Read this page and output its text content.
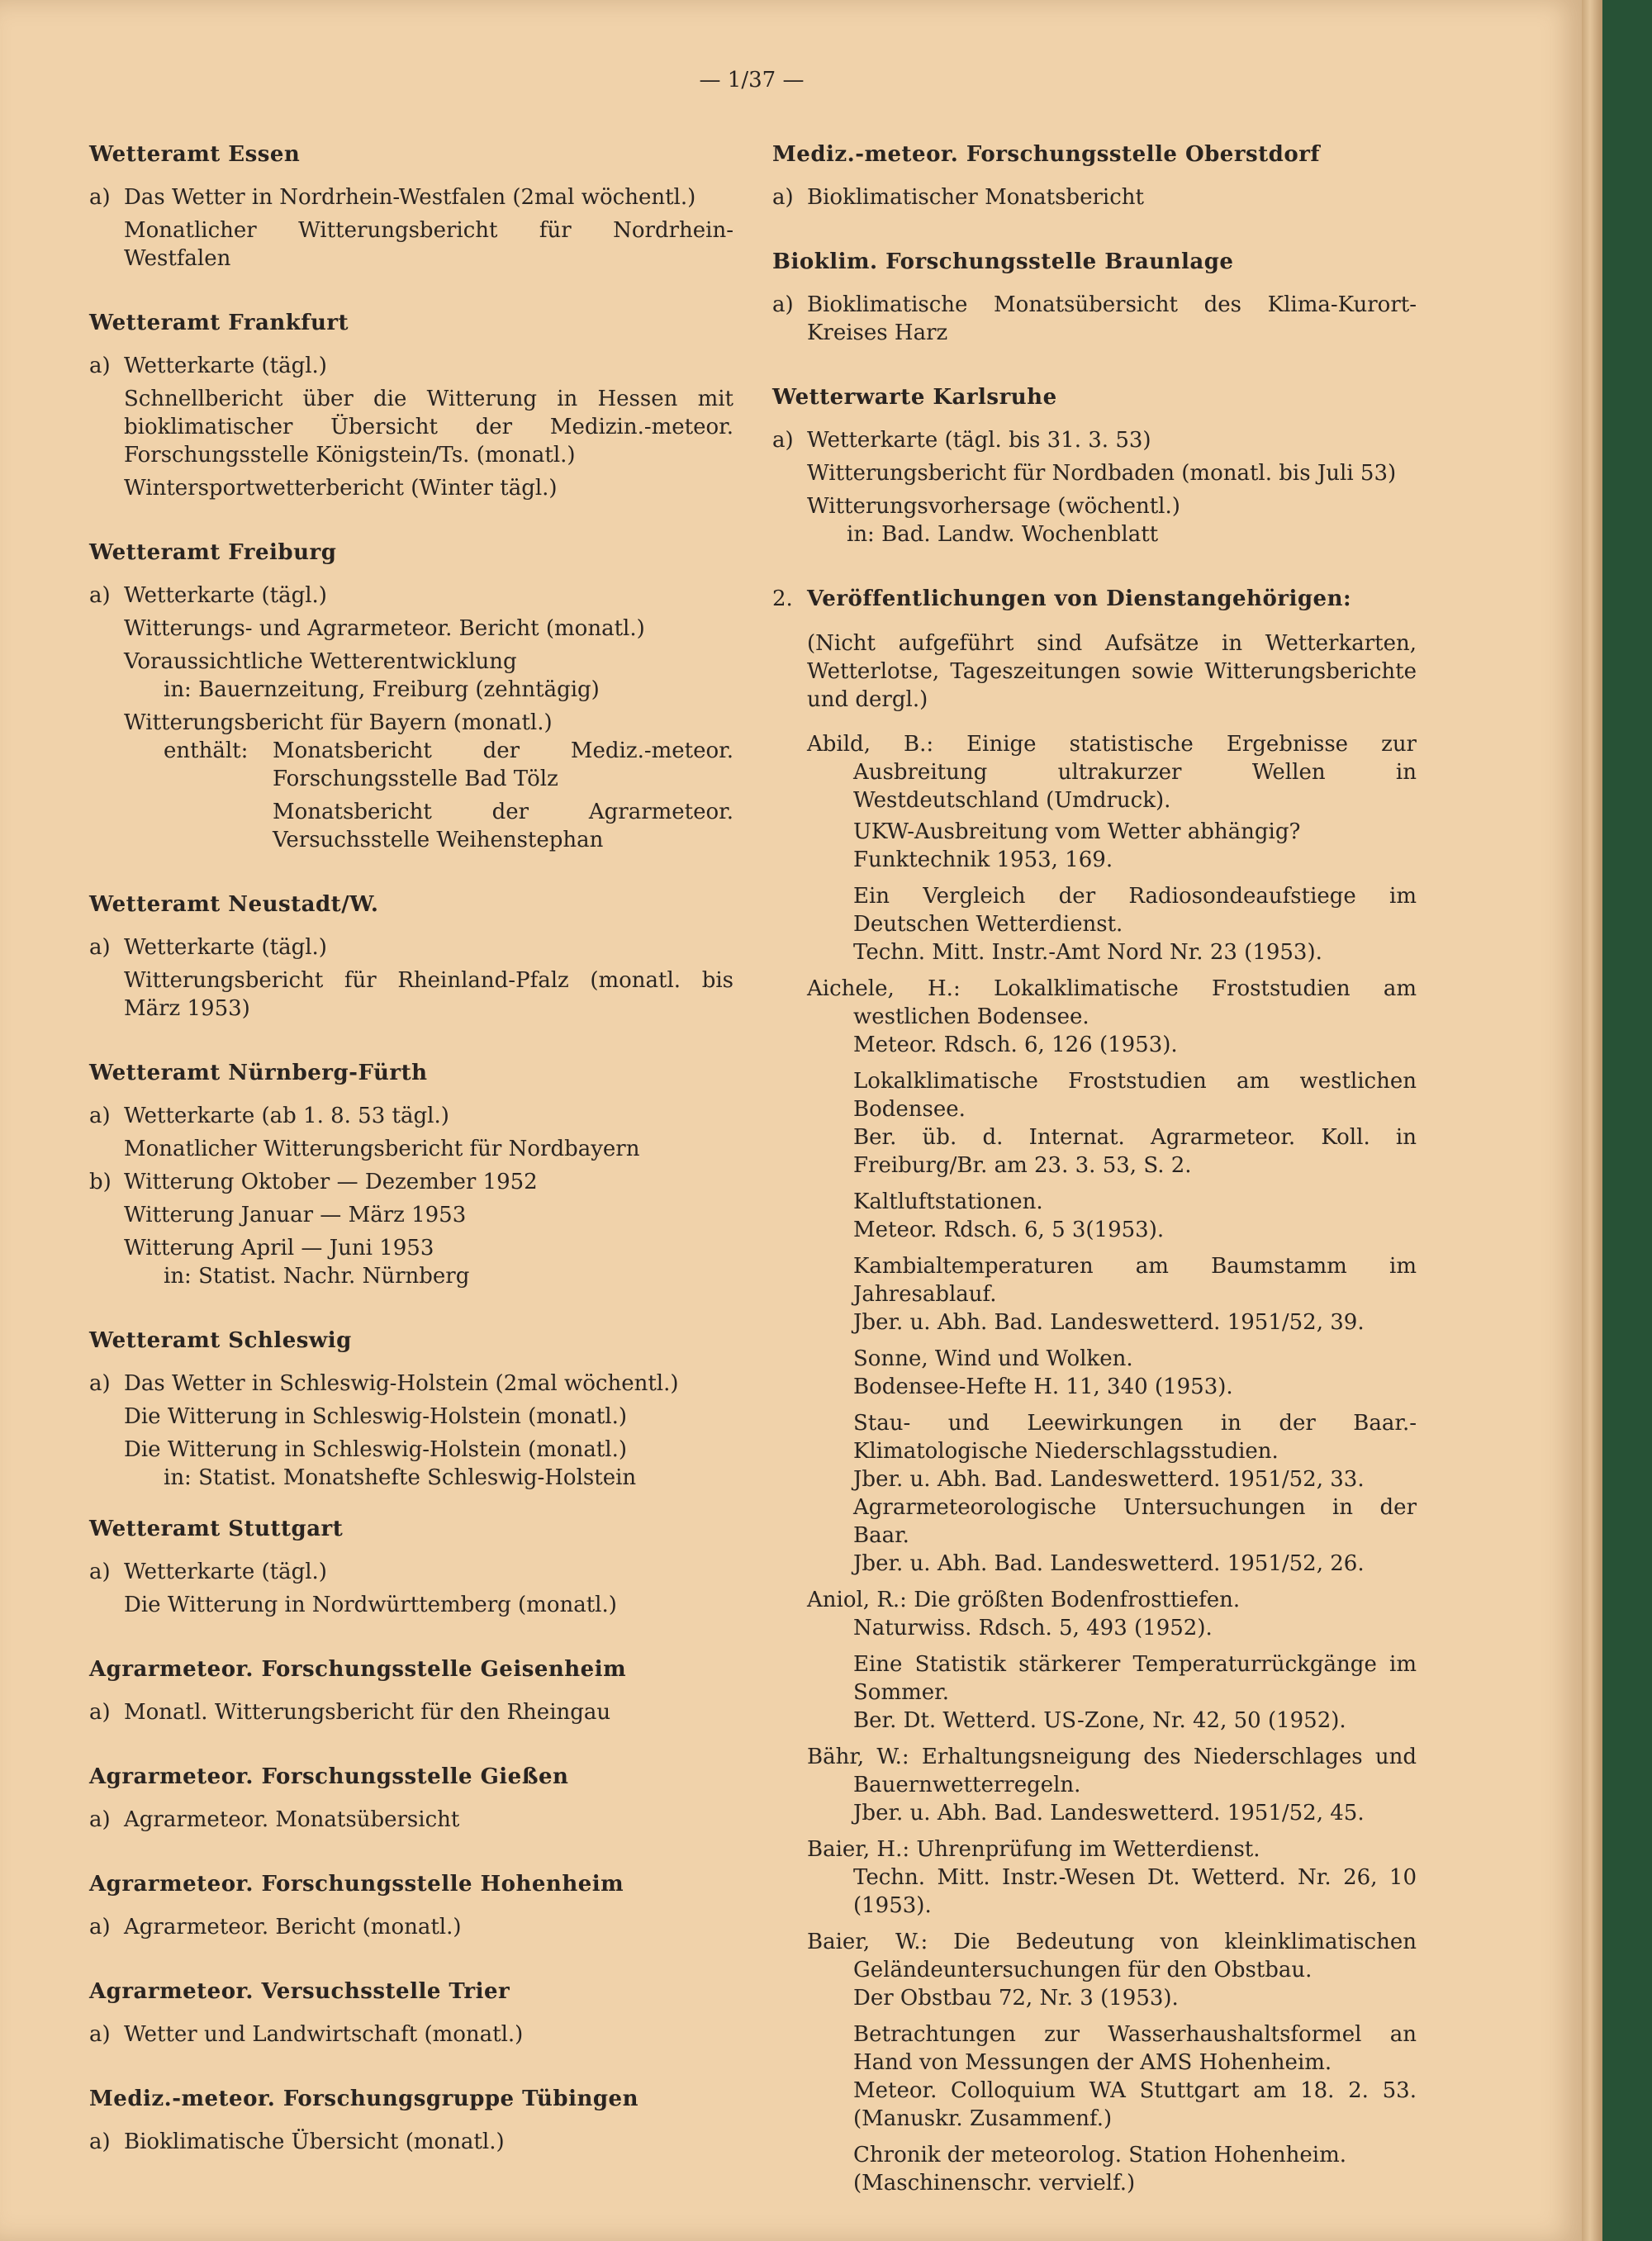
— 1/37 —
Wetteramt Essen
a) Das Wetter in Nordrhein-Westfalen (2mal wöchentl.)
Monatlicher Witterungsbericht für Nordrhein-Westfalen
Wetteramt Frankfurt
a) Wetterkarte (tägl.)
Schnellbericht über die Witterung in Hessen mit bioklimatischer Übersicht der Medizin.-meteor. Forschungsstelle Königstein/Ts. (monatl.)
Wintersportwetterbericht (Winter tägl.)
Wetteramt Freiburg
a) Wetterkarte (tägl.)
Witterungs- und Agrarmeteor. Bericht (monatl.)
Voraussichtliche Wetterentwicklung
in: Bauernzeitung, Freiburg (zehntägig)
Witterungsbericht für Bayern (monatl.)
enthält:	Monatsbericht der Mediz.-meteor. Forschungsstelle Bad Tölz
Monatsbericht der Agrarmeteor. Versuchsstelle Weihenstephan
Wetteramt Neustadt/W.
a) Wetterkarte (tägl.)
Witterungsbericht für Rheinland-Pfalz (monatl. bis März 1953)
Wetteramt Nürnberg-Fürth
a) Wetterkarte (ab 1. 8. 53 tägl.)
Monatlicher Witterungsbericht für Nordbayern
b) Witterung Oktober — Dezember 1952
Witterung Januar — März 1953
Witterung April — Juni 1953
in: Statist. Nachr. Nürnberg
Wetteramt Schleswig
a) Das Wetter in Schleswig-Holstein (2mal wöchentl.)
Die Witterung in Schleswig-Holstein (monatl.)
Die Witterung in Schleswig-Holstein (monatl.)
in: Statist. Monatshefte Schleswig-Holstein
Wetteramt Stuttgart
a) Wetterkarte (tägl.)
Die Witterung in Nordwürttemberg (monatl.)
Agrarmeteor. Forschungsstelle Geisenheim
a) Monatl. Witterungsbericht für den Rheingau
Agrarmeteor. Forschungsstelle Gießen
a) Agrarmeteor. Monatsübersicht
Agrarmeteor. Forschungsstelle Hohenheim
a) Agrarmeteor. Bericht (monatl.)
Agrarmeteor. Versuchsstelle Trier
a) Wetter und Landwirtschaft (monatl.)
Mediz.-meteor. Forschungsgruppe Tübingen
a) Bioklimatische Übersicht (monatl.)
Mediz.-meteor. Forschungsstelle Oberstdorf
a) Bioklimatischer Monatsbericht
Bioklim. Forschungsstelle Braunlage
a) Bioklimatische Monatsübersicht des Klima-Kurort-Kreises Harz
Wetterwarte Karlsruhe
a) Wetterkarte (tägl. bis 31. 3. 53)
Witterungsbericht für Nordbaden (monatl. bis Juli 53)
Witterungsvorhersage (wöchentl.)
in: Bad. Landw. Wochenblatt
2. Veröffentlichungen von Dienstangehörigen:
(Nicht aufgeführt sind Aufsätze in Wetterkarten, Wetterlotse, Tageszeitungen sowie Witterungsberichte und dergl.)
Abild, B.: Einige statistische Ergebnisse zur Ausbreitung ultrakurzer Wellen in Westdeutschland (Umdruck).
UKW-Ausbreitung vom Wetter abhängig?
Funktechnik 1953, 169.
Ein Vergleich der Radiosondeaufstiege im Deutschen Wetterdienst.
Techn. Mitt. Instr.-Amt Nord Nr. 23 (1953).
Aichele, H.: Lokalklimatische Froststudien am westlichen Bodensee.
Meteor. Rdsch. 6, 126 (1953).
Lokalklimatische Froststudien am westlichen Bodensee.
Ber. üb. d. Internat. Agrarmeteor. Koll. in Freiburg/Br. am 23. 3. 53, S. 2.
Kaltluftstationen.
Meteor. Rdsch. 6, 5 3(1953).
Kambialtemperaturen am Baumstamm im Jahresablauf.
Jber. u. Abh. Bad. Landeswetterd. 1951/52, 39.
Sonne, Wind und Wolken.
Bodensee-Hefte H. 11, 340 (1953).
Stau- und Leewirkungen in der Baar.-Klimatologische Niederschlagsstudien.
Jber. u. Abh. Bad. Landeswetterd. 1951/52, 33.
Agrarmeteorologische Untersuchungen in der Baar.
Jber. u. Abh. Bad. Landeswetterd. 1951/52, 26.
Aniol, R.: Die größten Bodenfrosttiefen.
Naturwiss. Rdsch. 5, 493 (1952).
Eine Statistik stärkerer Temperaturrückgänge im Sommer.
Ber. Dt. Wetterd. US-Zone, Nr. 42, 50 (1952).
Bähr, W.: Erhaltungsneigung des Niederschlages und Bauernwetterregeln.
Jber. u. Abh. Bad. Landeswetterd. 1951/52, 45.
Baier, H.: Uhrenprüfung im Wetterdienst.
Techn. Mitt. Instr.-Wesen Dt. Wetterd. Nr. 26, 10 (1953).
Baier, W.: Die Bedeutung von kleinklimatischen Geländeuntersuchungen für den Obstbau.
Der Obstbau 72, Nr. 3 (1953).
Betrachtungen zur Wasserhaushaltsformel an Hand von Messungen der AMS Hohenheim.
Meteor. Colloquium WA Stuttgart am 18. 2. 53. (Manuskr. Zusammenf.)
Chronik der meteorolog. Station Hohenheim.
(Maschinenschr. vervielf.)
